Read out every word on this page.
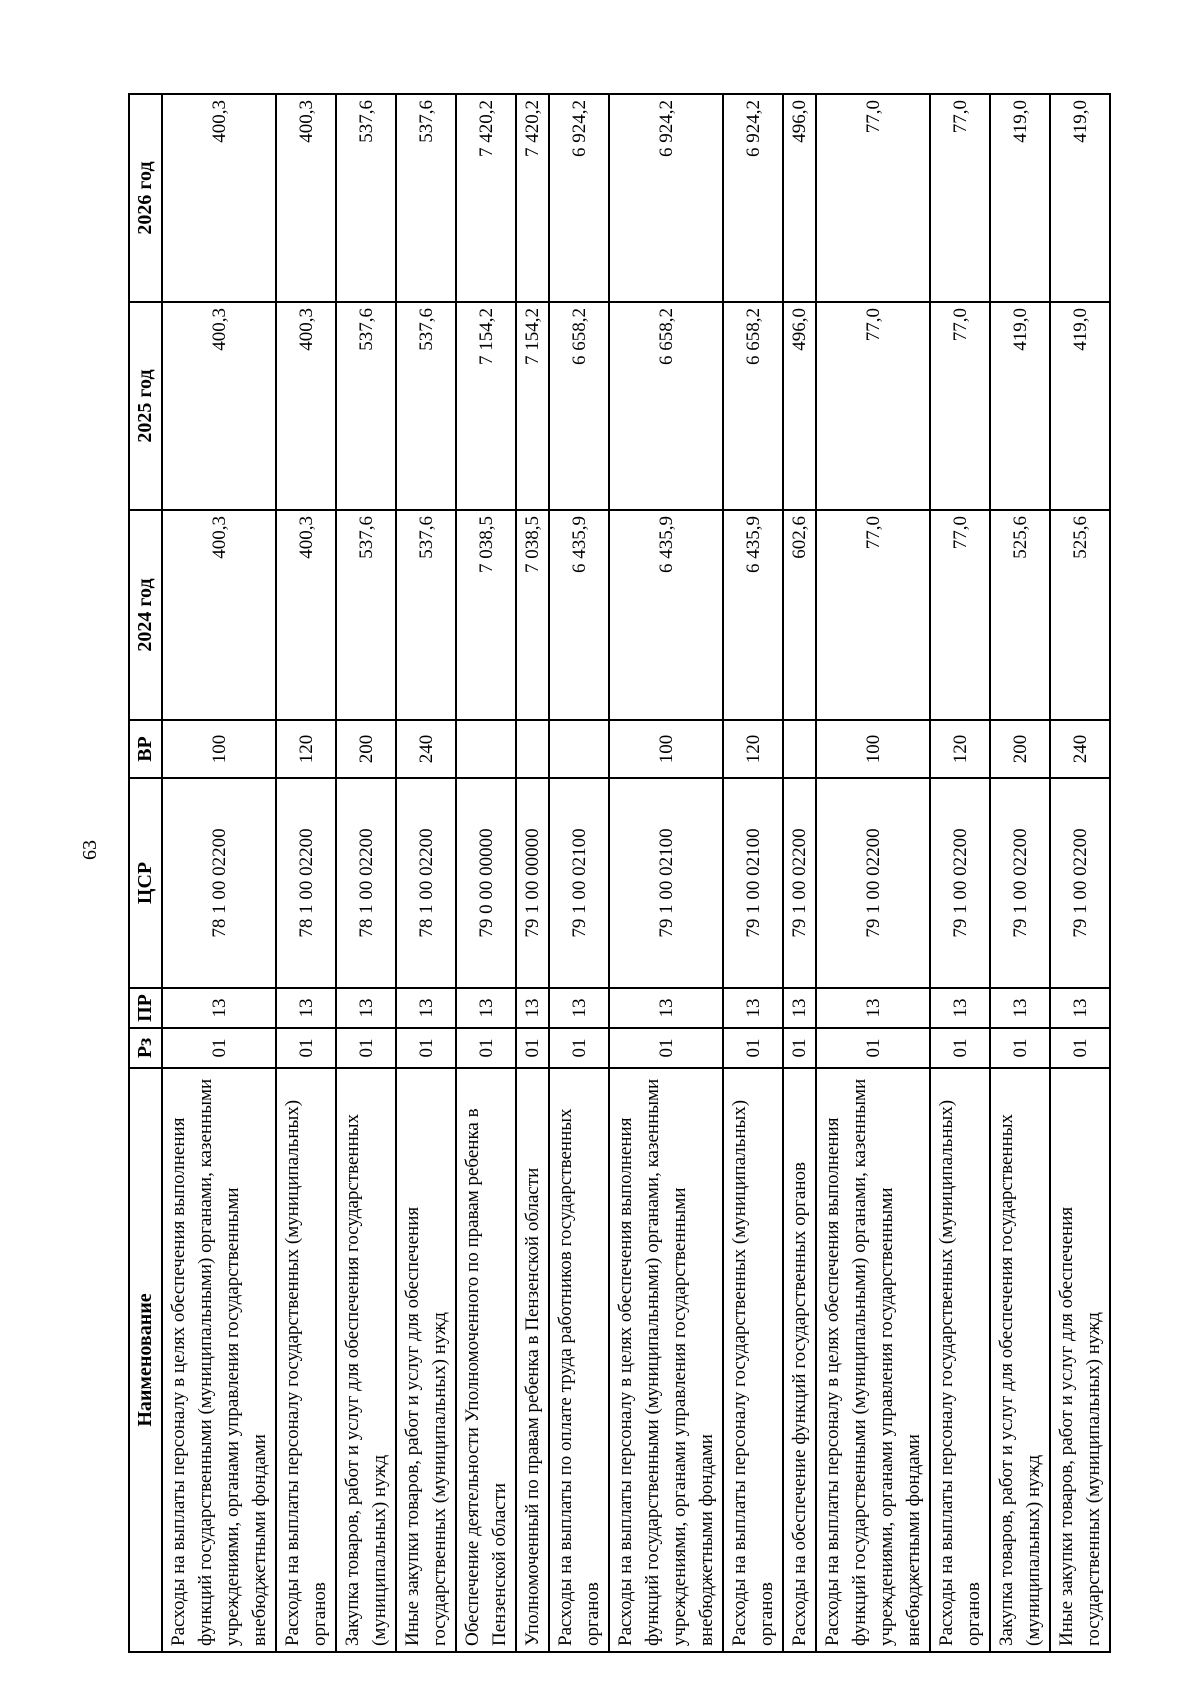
63
Наименование	Рз	ПР	ЦСР	ВР	2024 год	2025 год	2026 год
Расходы на выплаты персоналу в целях обеспечения выполнения функций государственными (муниципальными) органами, казенными учреждениями, органами управления государственными внебюджетными фондами	01	13	78 1 00 02200	100	400,3	400,3	400,3
Расходы на выплаты персоналу государственных (муниципальных) органов	01	13	78 1 00 02200	120	400,3	400,3	400,3
Закупка товаров, работ и услуг для обеспечения государственных (муниципальных) нужд	01	13	78 1 00 02200	200	537,6	537,6	537,6
Иные закупки товаров, работ и услуг для обеспечения государственных (муниципальных) нужд	01	13	78 1 00 02200	240	537,6	537,6	537,6
Обеспечение деятельности Уполномоченного по правам ребенка в Пензенской области	01	13	79 0 00 00000		7 038,5	7 154,2	7 420,2
Уполномоченный по правам ребенка в Пензенской области	01	13	79 1 00 00000		7 038,5	7 154,2	7 420,2
Расходы на выплаты по оплате труда работников государственных органов	01	13	79 1 00 02100		6 435,9	6 658,2	6 924,2
Расходы на выплаты персоналу в целях обеспечения выполнения функций государственными (муниципальными) органами, казенными учреждениями, органами управления государственными внебюджетными фондами	01	13	79 1 00 02100	100	6 435,9	6 658,2	6 924,2
Расходы на выплаты персоналу государственных (муниципальных) органов	01	13	79 1 00 02100	120	6 435,9	6 658,2	6 924,2
Расходы на обеспечение функций государственных органов	01	13	79 1 00 02200		602,6	496,0	496,0
Расходы на выплаты персоналу в целях обеспечения выполнения функций государственными (муниципальными) органами, казенными учреждениями, органами управления государственными внебюджетными фондами	01	13	79 1 00 02200	100	77,0	77,0	77,0
Расходы на выплаты персоналу государственных (муниципальных) органов	01	13	79 1 00 02200	120	77,0	77,0	77,0
Закупка товаров, работ и услуг для обеспечения государственных (муниципальных) нужд	01	13	79 1 00 02200	200	525,6	419,0	419,0
Иные закупки товаров, работ и услуг для обеспечения государственных (муниципальных) нужд	01	13	79 1 00 02200	240	525,6	419,0	419,0
